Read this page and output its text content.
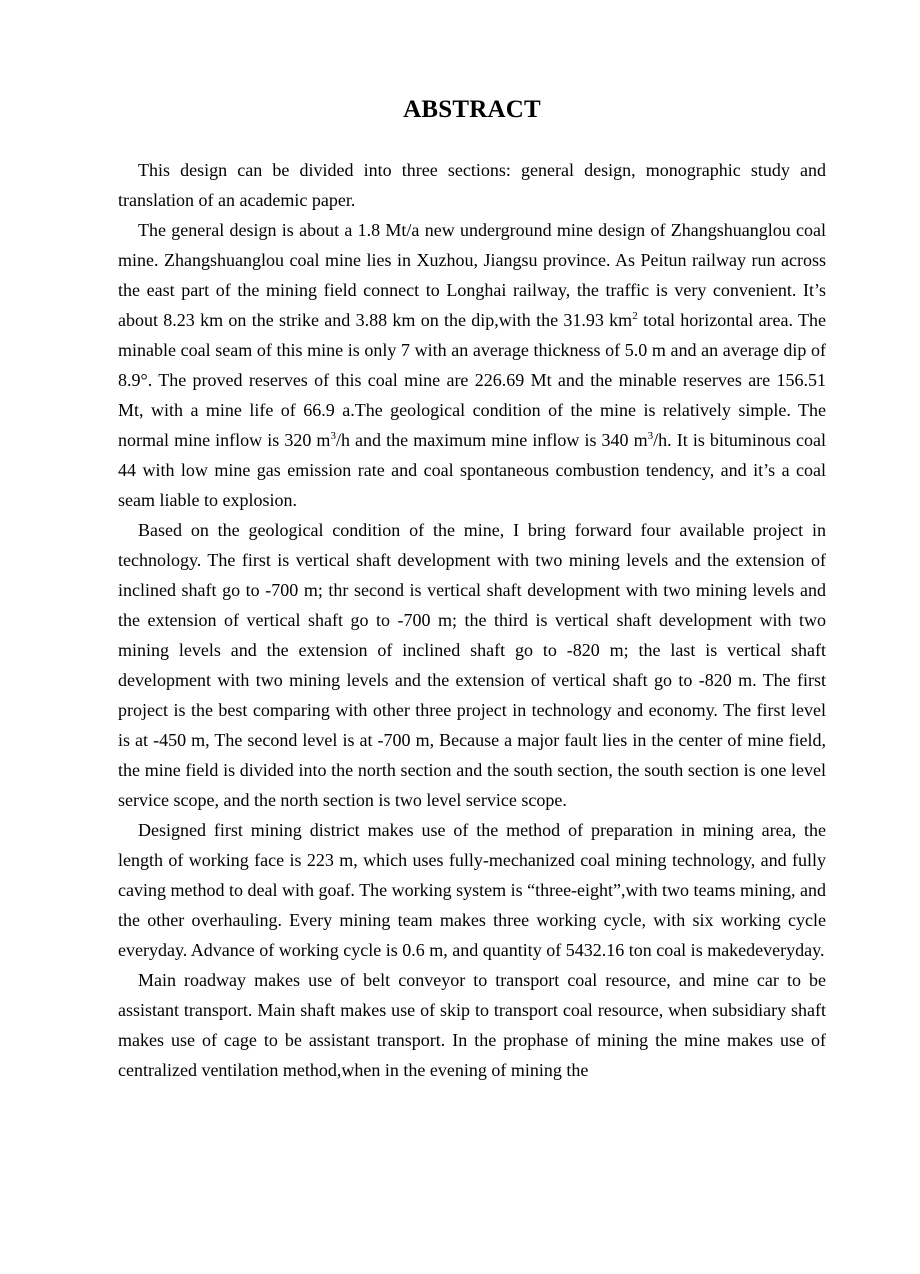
ABSTRACT

This design can be divided into three sections: general design, monographic study and translation of an academic paper.

The general design is about a 1.8 Mt/a new underground mine design of Zhangshuanglou coal mine. Zhangshuanglou coal mine lies in Xuzhou, Jiangsu province. As Peitun railway run across the east part of the mining field connect to Longhai railway, the traffic is very convenient. It’s about 8.23 km on the strike and 3.88 km on the dip,with the 31.93 $km^2$ total horizontal area. The minable coal seam of this mine is only 7 with an average thickness of 5.0 m and an average dip of 8.9°. The proved reserves of this coal mine are 226.69 Mt and the minable reserves are 156.51 Mt, with a mine life of 66.9 a.The geological condition of the mine is relatively simple. The normal mine inflow is 320 $m^3/h$ and the maximum mine inflow is 340 $m^3/h$. It is bituminous coal 44 with low mine gas emission rate and coal spontaneous combustion tendency, and it’s a coal seam liable to explosion.

Based on the geological condition of the mine, I bring forward four available project in technology. The first is vertical shaft development with two mining levels and the extension of inclined shaft go to -700 m; thr second is vertical shaft development with two mining levels and the extension of vertical shaft go to -700 m; the third is vertical shaft development with two mining levels and the extension of inclined shaft go to -820 m; the last is vertical shaft development with two mining levels and the extension of vertical shaft go to -820 m. The first project is the best comparing with other three project in technology and economy. The first level is at -450 m, The second level is at -700 m, Because a major fault lies in the center of mine field, the mine field is divided into the north section and the south section, the south section is one level service scope, and the north section is two level service scope.

Designed first mining district makes use of the method of preparation in mining area, the length of working face is 223 m, which uses fully-mechanized coal mining technology, and fully caving method to deal with goaf. The working system is “three-eight”,with two teams mining, and the other overhauling. Every mining team makes three working cycle, with six working cycle everyday. Advance of working cycle is 0.6 m, and quantity of 5432.16 ton coal is makedeveryday.

Main roadway makes use of belt conveyor to transport coal resource, and mine car to be assistant transport. Main shaft makes use of skip to transport coal resource, when subsidiary shaft makes use of cage to be assistant transport. In the prophase of mining the mine makes use of centralized ventilation method,when in the evening of mining the
